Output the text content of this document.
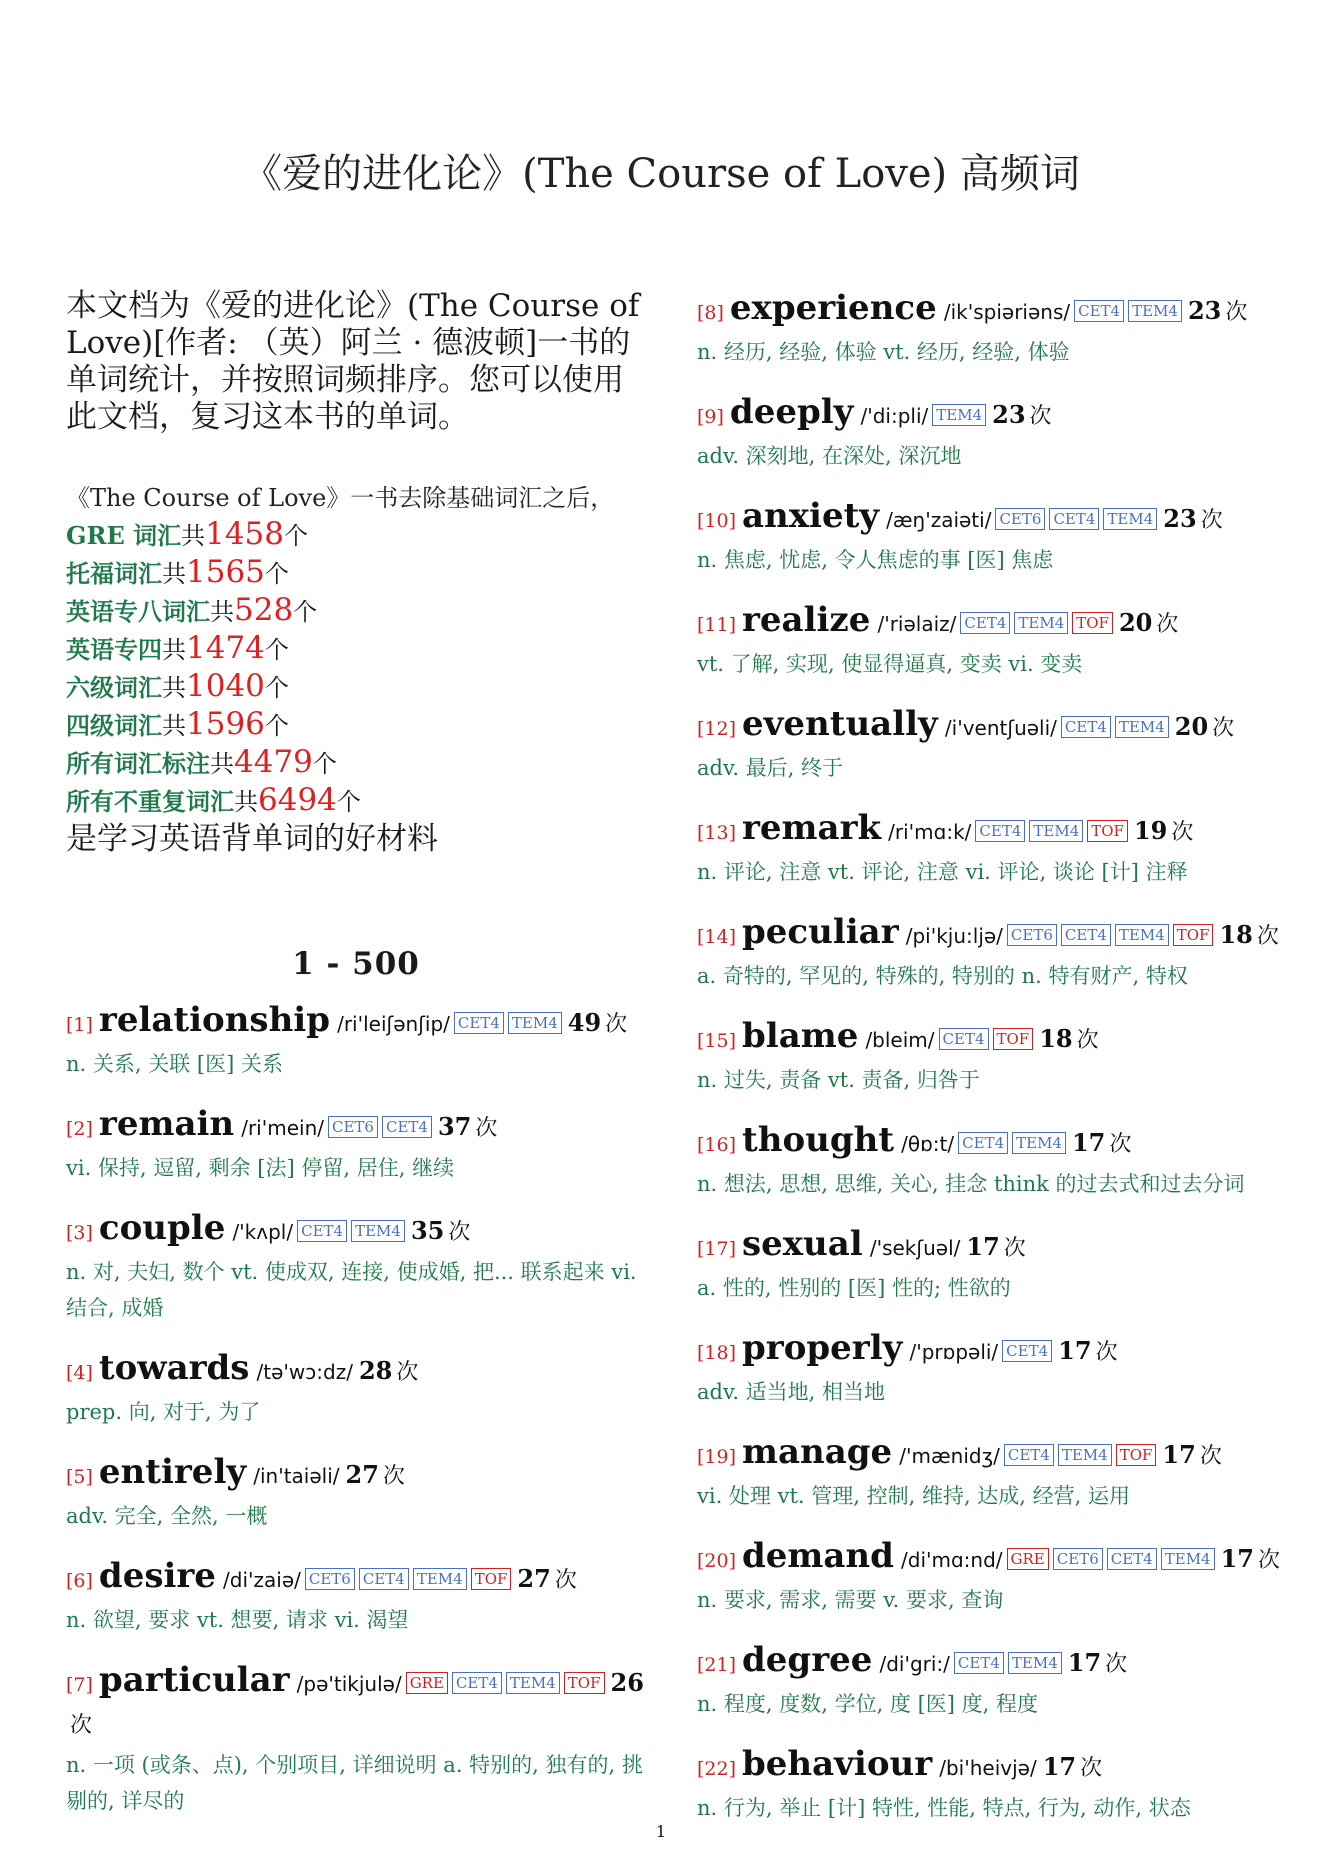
《爱的进化论》(The Course of Love) 高频词

本文档为《爱的进化论》(The Course of Love)[作者: （英）阿兰 · 德波顿]一书的单词统计，并按照词频排序。您可以使用此文档，复习这本书的单词。

《The Course of Love》一书去除基础词汇之后，
GRE 词汇共1458个
托福词汇共1565个
英语专八词汇共528个
英语专四共1474个
六级词汇共1040个
四级词汇共1596个
所有词汇标注共4479个
所有不重复词汇共6494个
是学习英语背单词的好材料
1 - 500
[1] relationship /ri'leiʃənʃip/ CET4 TEM4 49 次
n. 关系, 关联 [医] 关系
[2] remain /ri'mein/ CET6 CET4 37 次
vi. 保持, 逗留, 剩余 [法] 停留, 居住, 继续
[3] couple /'kʌpl/ CET4 TEM4 35 次
n. 对, 夫妇, 数个 vt. 使成双, 连接, 使成婚, 把... 联系起来 vi. 结合, 成婚
[4] towards /tə'wɔ:dz/ 28 次
prep. 向, 对于, 为了
[5] entirely /in'taiəli/ 27 次
adv. 完全, 全然, 一概
[6] desire /di'zaiə/ CET6 CET4 TEM4 TOF 27 次
n. 欲望, 要求 vt. 想要, 请求 vi. 渴望
[7] particular /pə'tikjulə/ GRE CET4 TEM4 TOF 26次
n. 一项 (或条、点), 个别项目, 详细说明 a. 特别的, 独有的, 挑剔的, 详尽的
[8] experience /ik'spiəriəns/ CET4 TEM4 23 次
n. 经历, 经验, 体验 vt. 经历, 经验, 体验
[9] deeply /'di:pli/ TEM4 23 次
adv. 深刻地, 在深处, 深沉地
[10] anxiety /æŋ'zaiəti/ CET6 CET4 TEM4 23 次
n. 焦虑, 忧虑, 令人焦虑的事 [医] 焦虑
[11] realize /'riəlaiz/ CET4 TEM4 TOF 20 次
vt. 了解, 实现, 使显得逼真, 变卖 vi. 变卖
[12] eventually /i'ventʃuəli/ CET4 TEM4 20 次
adv. 最后, 终于
[13] remark /ri'mɑ:k/ CET4 TEM4 TOF 19 次
n. 评论, 注意 vt. 评论, 注意 vi. 评论, 谈论 [计] 注释
[14] peculiar /pi'kju:ljə/ CET6 CET4 TEM4 TOF 18 次
a. 奇特的, 罕见的, 特殊的, 特别的 n. 特有财产, 特权
[15] blame /bleim/ CET4 TOF 18 次
n. 过失, 责备 vt. 责备, 归咎于
[16] thought /θɒ:t/ CET4 TEM4 17 次
n. 想法, 思想, 思维, 关心, 挂念 think 的过去式和过去分词
[17] sexual /'sekʃuəl/ 17 次
a. 性的, 性别的 [医] 性的; 性欲的
[18] properly /'prɒpəli/ CET4 17 次
adv. 适当地, 相当地
[19] manage /'mænidʒ/ CET4 TEM4 TOF 17 次
vi. 处理 vt. 管理, 控制, 维持, 达成, 经营, 运用
[20] demand /di'mɑ:nd/ GRE CET6 CET4 TEM4 17 次
n. 要求, 需求, 需要 v. 要求, 查询
[21] degree /di'gri:/ CET4 TEM4 17 次
n. 程度, 度数, 学位, 度 [医] 度, 程度
[22] behaviour /bi'heivjə/ 17 次
n. 行为, 举止 [计] 特性, 性能, 特点, 行为, 动作, 状态
1
